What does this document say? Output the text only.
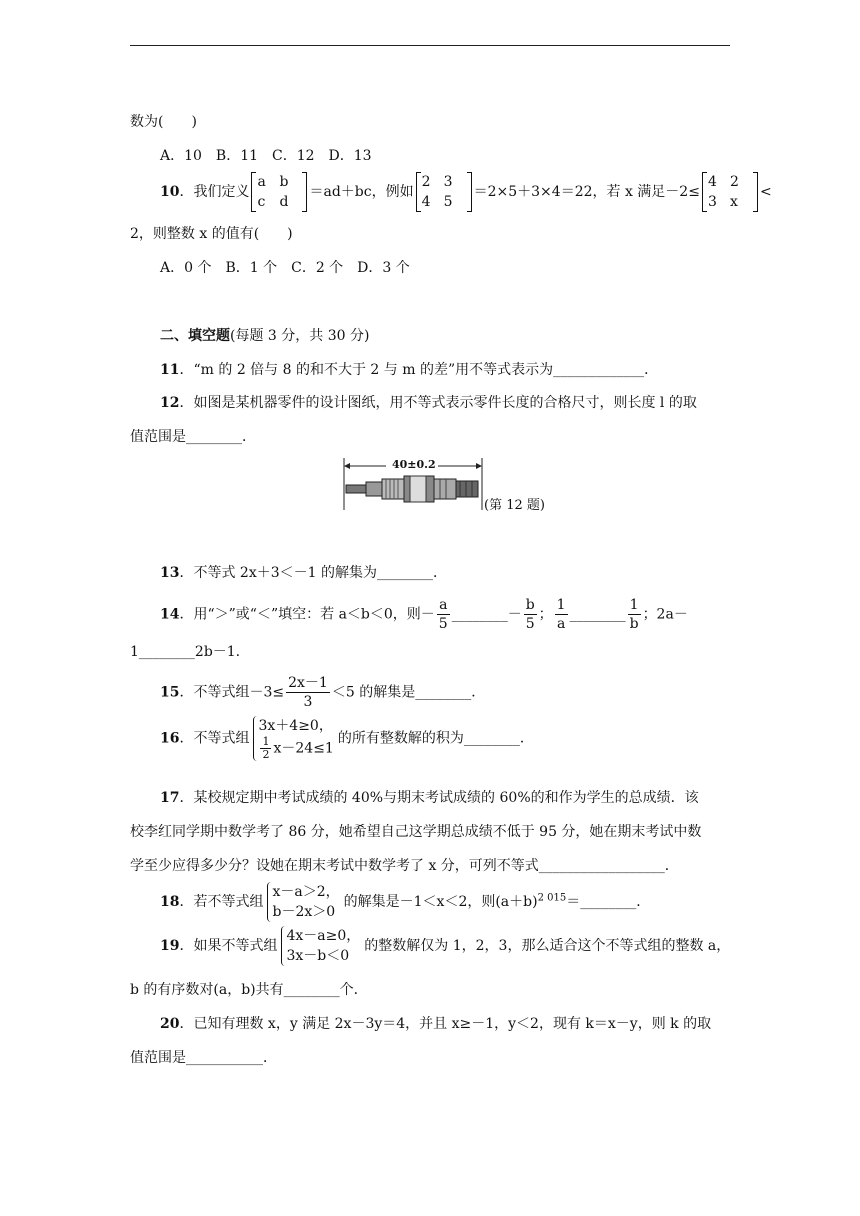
数为(　　)
A．10　B．11　C．12　D．13
10．我们定义
a b
c d
＝ad＋bc，例如
2 3
4 5
＝2×5＋3×4＝22，若 x 满足－2≤
4 2
3 x
<
2，则整数 x 的值有(　　)
A．0 个　B．1 个　C．2 个　D．3 个
二、填空题(每题 3 分，共 30 分)
11．“m 的 2 倍与 8 的和不大于 2 与 m 的差”用不等式表示为_____________．
12．如图是某机器零件的设计图纸，用不等式表示零件长度的合格尺寸，则长度 l 的取
值范围是________．
40±0.2
(第 12 题)
13．不等式 2x＋3＜－1 的解集为________．
14．用“＞”或“＜”填空：若 a＜b＜0，则－ $\frac{a}{5}$ ________－ $\frac{b}{5}$ ； $\frac{1}{a}$ ________ $\frac{1}{b}$ ；2a－
1________2b－1.
15．不等式组$-3\le \frac{2x-1}{3} <5$ 的解集是________．
16．不等式组
3x＋4≥0，
$\frac{1}{2} x-24\le 1$
的所有整数解的积为________．
17．某校规定期中考试成绩的 40%与期末考试成绩的 60%的和作为学生的总成绩．该
校李红同学期中数学考了 86 分，她希望自己这学期总成绩不低于 95 分，她在期末考试中数
学至少应得多少分？设她在期末考试中数学考了 x 分，可列不等式__________________．
18．若不等式组
x－a＞2，
b－2x＞0
的解集是－1＜x＜2，则$(a+b)^{2 015}=\_\_\_\_\_\_\_\_$．
19．如果不等式组
4x－a≥0，
3x－b＜0
的整数解仅为 1，2，3，那么适合这个不等式组的整数 a，
b 的有序数对(a，b)共有________个．
20．已知有理数 x，y 满足 2x－3y＝4，并且 x≥－1，y＜2，现有 k＝x－y，则 k 的取
值范围是___________．
